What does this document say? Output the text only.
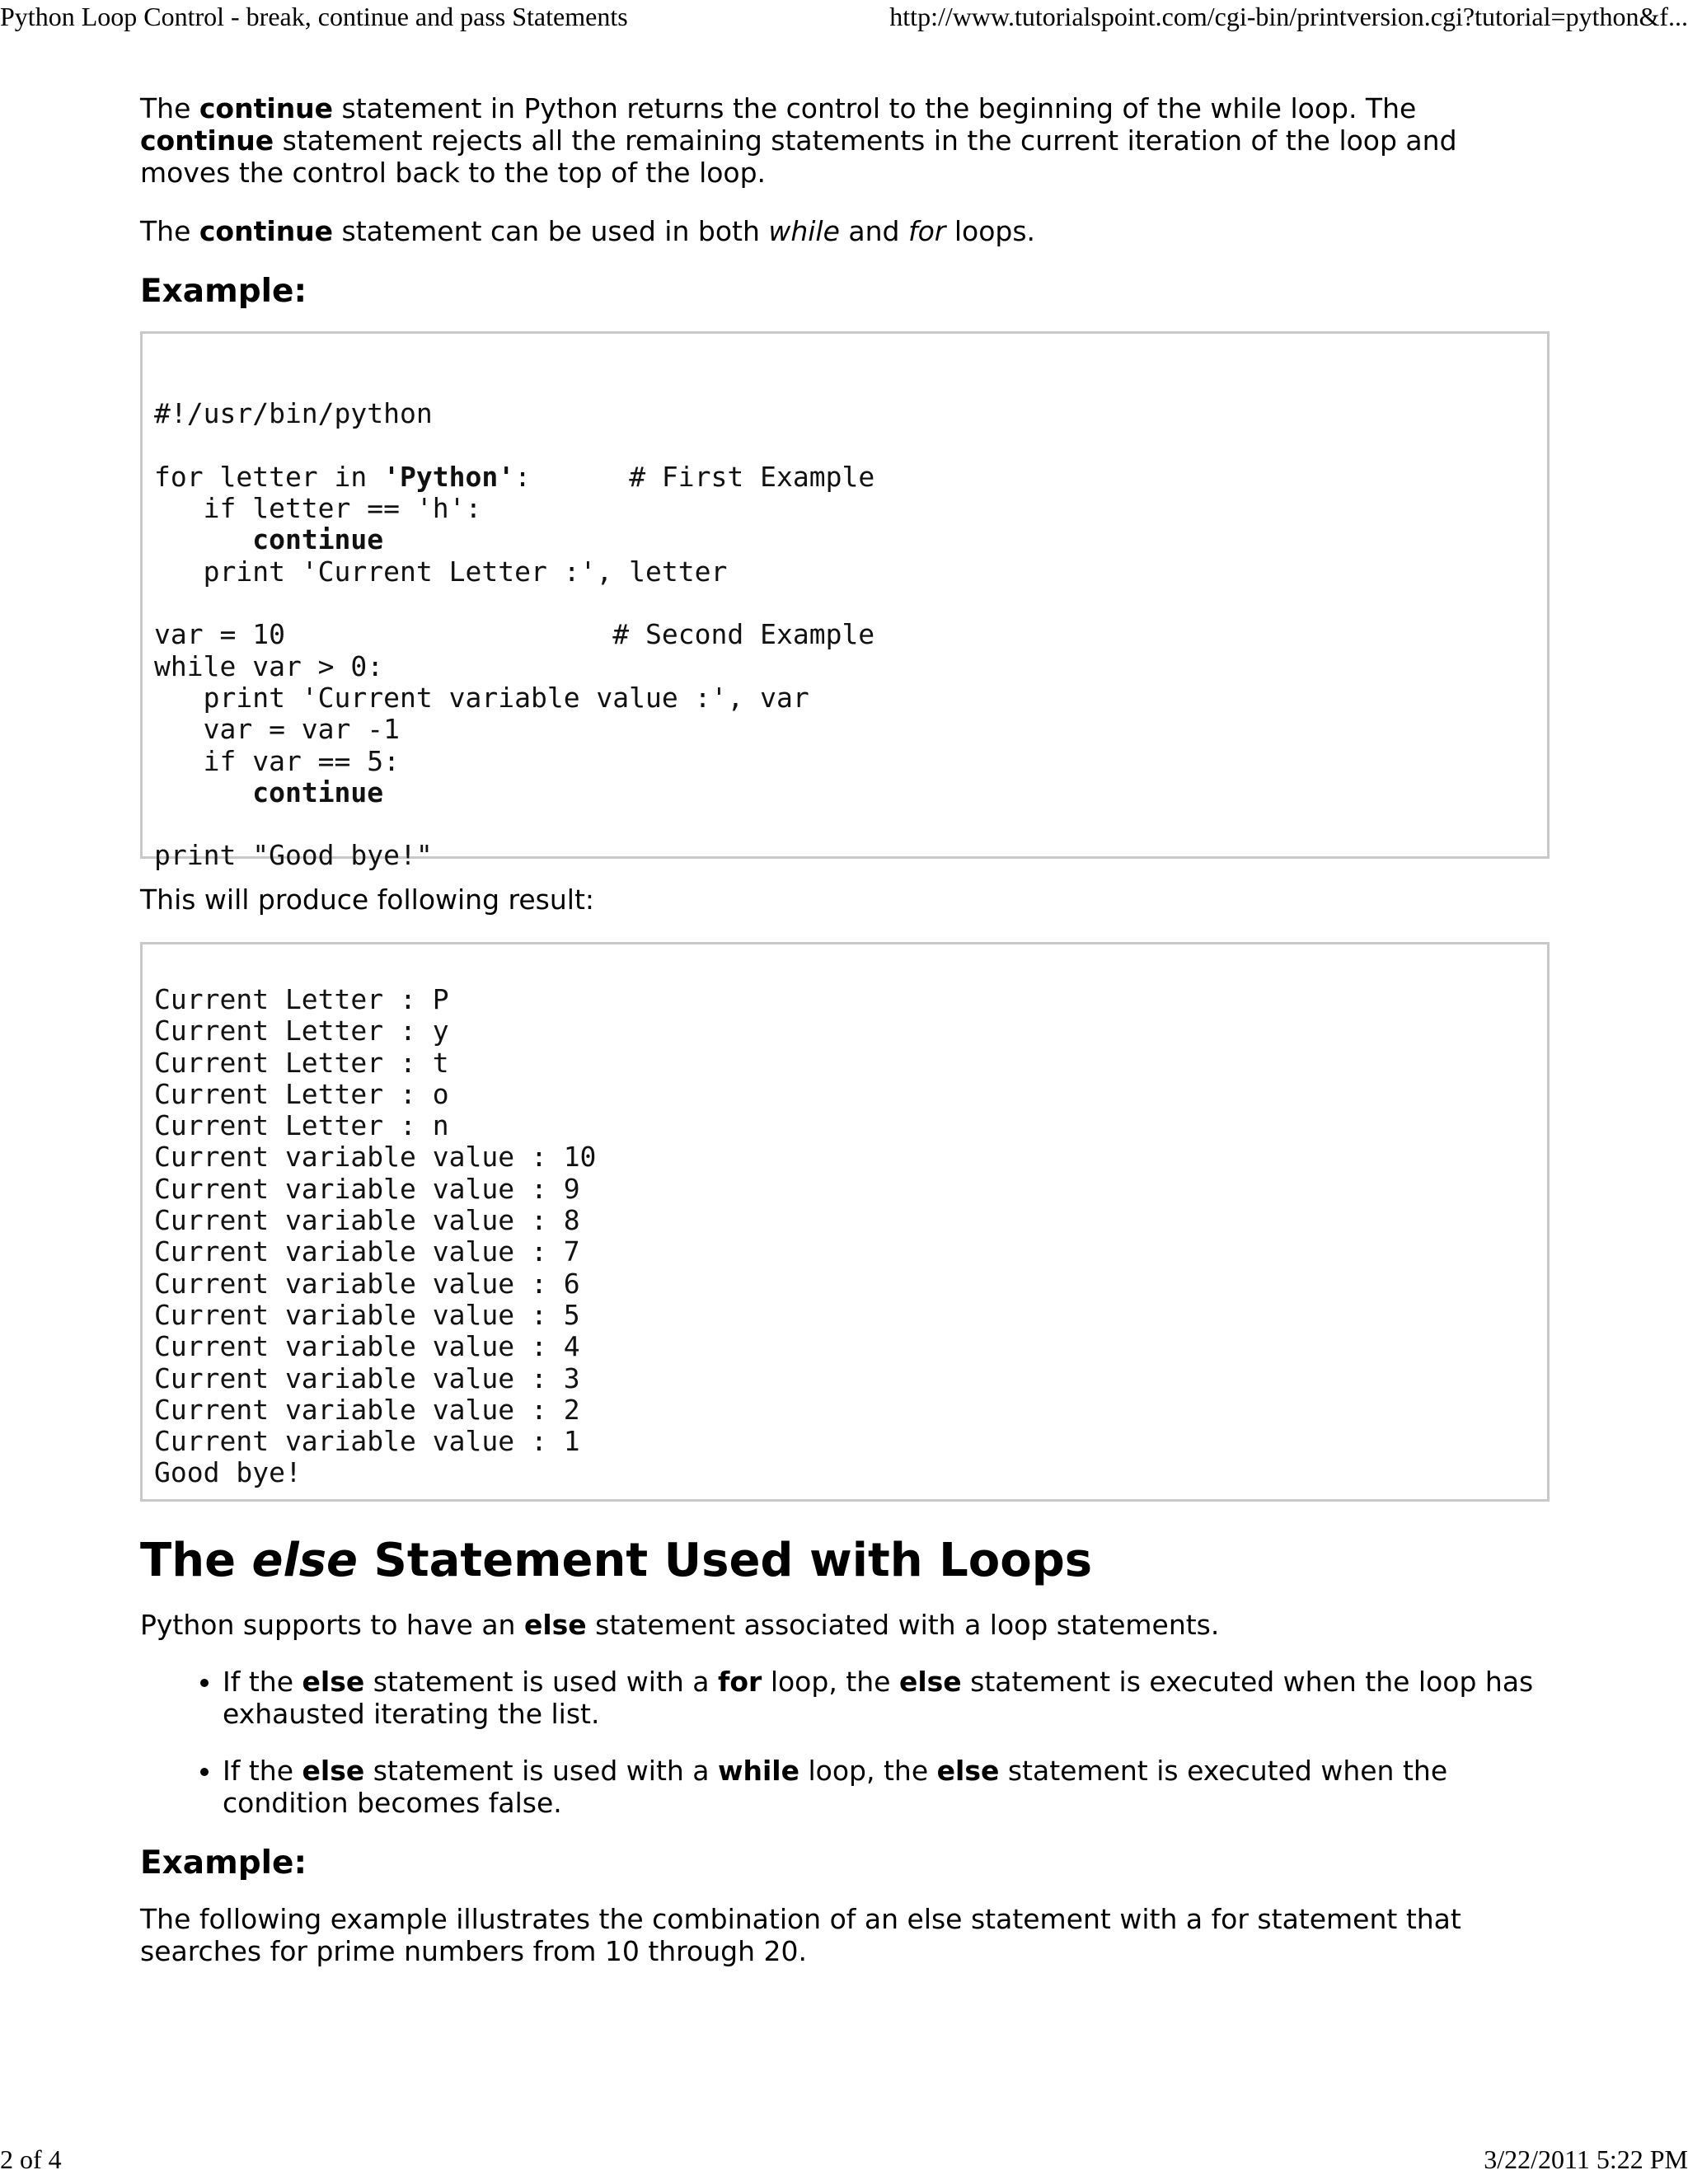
Python Loop Control - break, continue and pass Statements	http://www.tutorialspoint.com/cgi-bin/printversion.cgi?tutorial=python&f...

The continue statement in Python returns the control to the beginning of the while loop. The continue statement rejects all the remaining statements in the current iteration of the loop and moves the control back to the top of the loop.

The continue statement can be used in both while and for loops.

Example:

#!/usr/bin/python
for letter in 'Python':      # First Example
if letter == 'h':
continue
print 'Current Letter :', letter
var = 10                    # Second Example
while var > 0:
print 'Current variable value :', var
var = var -1
if var == 5:
continue
print "Good bye!"

This will produce following result:

Current Letter : P
Current Letter : y
Current Letter : t
Current Letter : o
Current Letter : n
Current variable value : 10
Current variable value : 9
Current variable value : 8
Current variable value : 7
Current variable value : 6
Current variable value : 5
Current variable value : 4
Current variable value : 3
Current variable value : 2
Current variable value : 1
Good bye!
The else Statement Used with Loops

Python supports to have an else statement associated with a loop statements.

• If the else statement is used with a for loop, the else statement is executed when the loop has exhausted iterating the list.
• If the else statement is used with a while loop, the else statement is executed when the condition becomes false.
Example:

The following example illustrates the combination of an else statement with a for statement that searches for prime numbers from 10 through 20.

2 of 4	3/22/2011 5:22 PM
